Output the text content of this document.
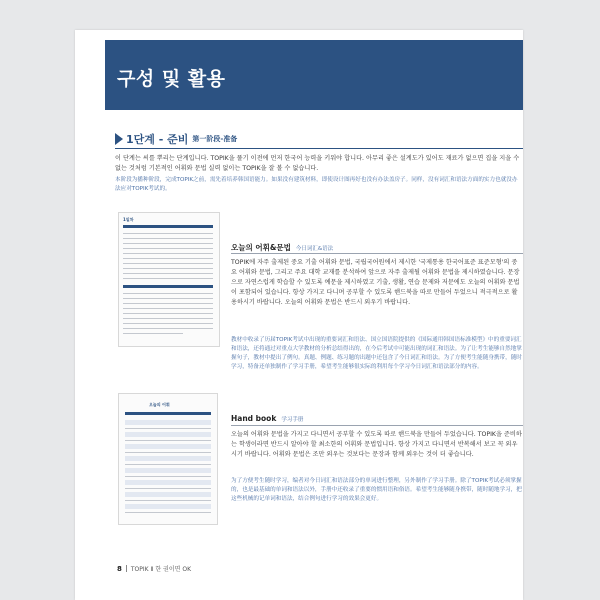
구성 및 활용
1단계 - 준비 第一阶段-准备
이 단계는 씨를 뿌리는 단계입니다. TOPIK을 풀기 이전에 먼저 한국어 능력을 키워야 합니다. 아무리 좋은 설계도가 있어도 재료가 없으면 집을 지을 수 없는 것처럼 기본적인 어휘와 문법 실력 없이는 TOPIK을 잘 볼 수 없습니다.
本阶段为播种阶段，完成TOPIK之前，需先着培养韩国语能力。如果没有建筑材料，即使设计图再好也没有办法盖房子。同样，没有词汇和语法方面的实力也就没办法应对TOPIK考试的。
1일차
오늘의 어휘&문법 今日词汇&语法
TOPIK에 자주 출제된 중요 기출 어휘와 문법, 국립국어원에서 제시한 '국제통용 한국어표준 표준모형'의 중요 어휘와 문법, 그리고 주요 대학 교재를 분석하여 앞으로 자주 출제될 어휘와 문법을 제시하였습니다. 문장으로 자연스럽게 학습할 수 있도록 예문을 제시하였고 기출, 생활, 연습 문제와 저문에도 오늘의 어휘와 문법이 포함되어 있습니다. 항상 가지고 다니며 공부할 수 있도록 핸드북을 따로 만들어 두었으니 적극적으로 활용하시기 바랍니다. 오늘의 어휘와 문법은 반드시 외우기 바랍니다.
教材中收录了历届TOPIK考试中出现的重要词汇和语法、国立国语院提供的《国际通用韩国语标准模型》中的重要词汇和语法，还将通过对重点大学教材的分析总结得出的，在今后考试中可能出现的词汇和语法。为了让考生能够自然地掌握句子，教材中提出了例句。真题、例题、练习题的出题中还包含了今日词汇和语法。为了方便考生能随身携带，随时学习，特备还单独制作了学习手册，希望考生能够很实际的利用每个学习今日词汇和语法部分的内容。
오늘의 어휘
Hand book 学习手册
오늘의 어휘와 문법을 가지고 다니면서 공부할 수 있도록 따로 핸드북을 만들어 두었습니다. TOPIK을 준비하는 학생이라면 반드시 알아야 할 최소한의 어휘와 문법입니다. 항상 가지고 다니면서 반복해서 보고 꼭 외우시기 바랍니다. 어휘와 문법은 조만 외우는 것보다는 문장과 함께 외우는 것이 더 좋습니다.
为了方便考生随时学习，编者对今日词汇和语法部分的单词进行整理，另外制作了学习手册。除了TOPIK考试必须掌握的，也是最基础的单词和语法以外，手册中还收录了重要的惯用语和俗语。希望考生能够随身携带，随时随地学习，把这些机械的记单词和语法，结合例句进行学习的效果会更好。
8 TOPIK Ⅱ 한 권이면 OK
